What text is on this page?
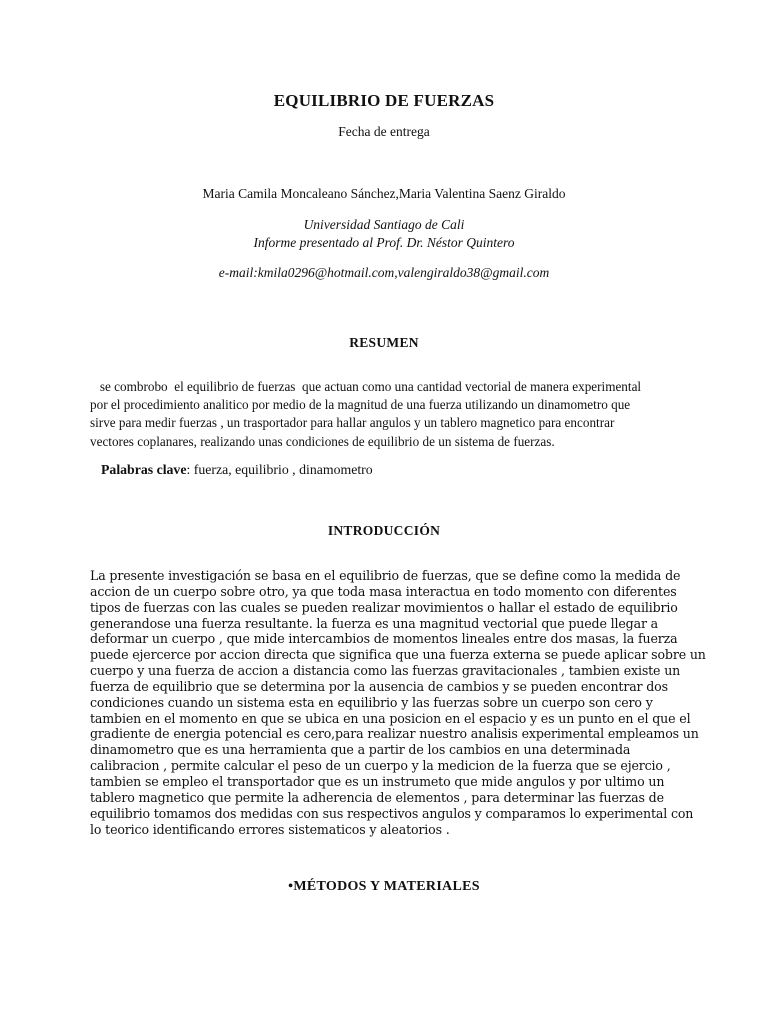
EQUILIBRIO DE FUERZAS
Fecha de entrega
Maria Camila Moncaleano Sánchez,Maria Valentina Saenz Giraldo
Universidad Santiago de Cali
Informe presentado al Prof. Dr. Néstor Quintero
e-mail:kmila0296@hotmail.com,valengiraldo38@gmail.com
RESUMEN
se combrobo  el equilibrio de fuerzas  que actuan como una cantidad vectorial de manera experimental
por el procedimiento analitico por medio de la magnitud de una fuerza utilizando un dinamometro que
sirve para medir fuerzas , un trasportador para hallar angulos y un tablero magnetico para encontrar
vectores coplanares, realizando unas condiciones de equilibrio de un sistema de fuerzas.
Palabras clave: fuerza, equilibrio , dinamometro
INTRODUCCIÓN
La presente investigación se basa en el equilibrio de fuerzas, que se define como la medida de
accion de un cuerpo sobre otro, ya que toda masa interactua en todo momento con diferentes
tipos de fuerzas con las cuales se pueden realizar movimientos o hallar el estado de equilibrio
generandose una fuerza resultante. la fuerza es una magnitud vectorial que puede llegar a
deformar un cuerpo , que mide intercambios de momentos lineales entre dos masas, la fuerza
puede ejercerce por accion directa que significa que una fuerza externa se puede aplicar sobre un
cuerpo y una fuerza de accion a distancia como las fuerzas gravitacionales , tambien existe un
fuerza de equilibrio que se determina por la ausencia de cambios y se pueden encontrar dos
condiciones cuando un sistema esta en equilibrio y las fuerzas sobre un cuerpo son cero y
tambien en el momento en que se ubica en una posicion en el espacio y es un punto en el que el
gradiente de energia potencial es cero,para realizar nuestro analisis experimental empleamos un
dinamometro que es una herramienta que a partir de los cambios en una determinada
calibracion , permite calcular el peso de un cuerpo y la medicion de la fuerza que se ejercio ,
tambien se empleo el transportador que es un instrumeto que mide angulos y por ultimo un
tablero magnetico que permite la adherencia de elementos , para determinar las fuerzas de
equilibrio tomamos dos medidas con sus respectivos angulos y comparamos lo experimental con
lo teorico identificando errores sistematicos y aleatorios .
•MÉTODOS Y MATERIALES
